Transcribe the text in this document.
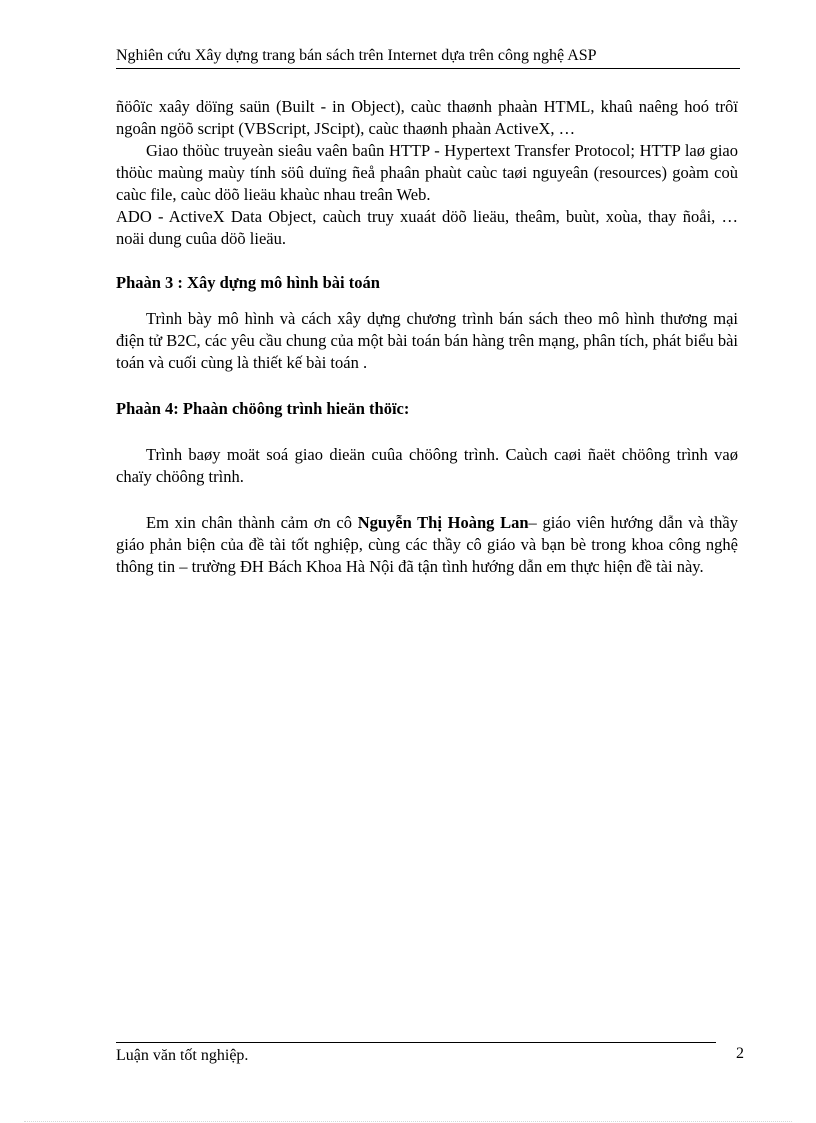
Nghiên cứu Xây dựng trang bán sách trên Internet dựa trên công nghệ ASP

ñöôïc xaây döïng saün (Built - in Object), caùc thaønh phaàn HTML, khaû naêng hoó trôï ngoân ngöõ script (VBScript, JScipt), caùc thaønh phaàn ActiveX, …

Giao thöùc truyeàn sieâu vaên baûn HTTP - Hypertext Transfer Protocol; HTTP laø giao thöùc maùng maùy tính söû duïng ñeå phaân phaùt caùc taøi nguyeân (resources) goàm coù caùc file, caùc döõ lieäu khaùc nhau treân Web.

ADO - ActiveX Data Object, caùch truy xuaát döõ lieäu, theâm, buùt, xoùa, thay ñoåi, … noäi dung cuûa döõ lieäu.

Phaàn 3 : Xây dựng mô hình bài toán

Trình bày mô hình và cách xây dựng chương trình bán sách theo mô hình thương mại điện tử B2C, các yêu cầu chung của một bài toán bán hàng trên mạng, phân tích, phát biểu bài toán và cuối cùng là thiết kế bài toán .

Phaàn 4: Phaàn chöông trình hieän thöïc:

Trình baøy moät soá giao dieän cuûa chöông trình. Caùch caøi ñaët chöông trình vaø chaïy chöông trình.

Em xin chân thành cảm ơn cô Nguyễn Thị Hoàng Lan– giáo viên hướng dẫn và thầy giáo phản biện của đề tài tốt nghiệp, cùng các thầy cô giáo và bạn bè trong khoa công nghệ thông tin – trường ĐH Bách Khoa Hà Nội đã tận tình hướng dẫn em thực hiện đề tài này.

Luận văn tốt nghiệp.	2
